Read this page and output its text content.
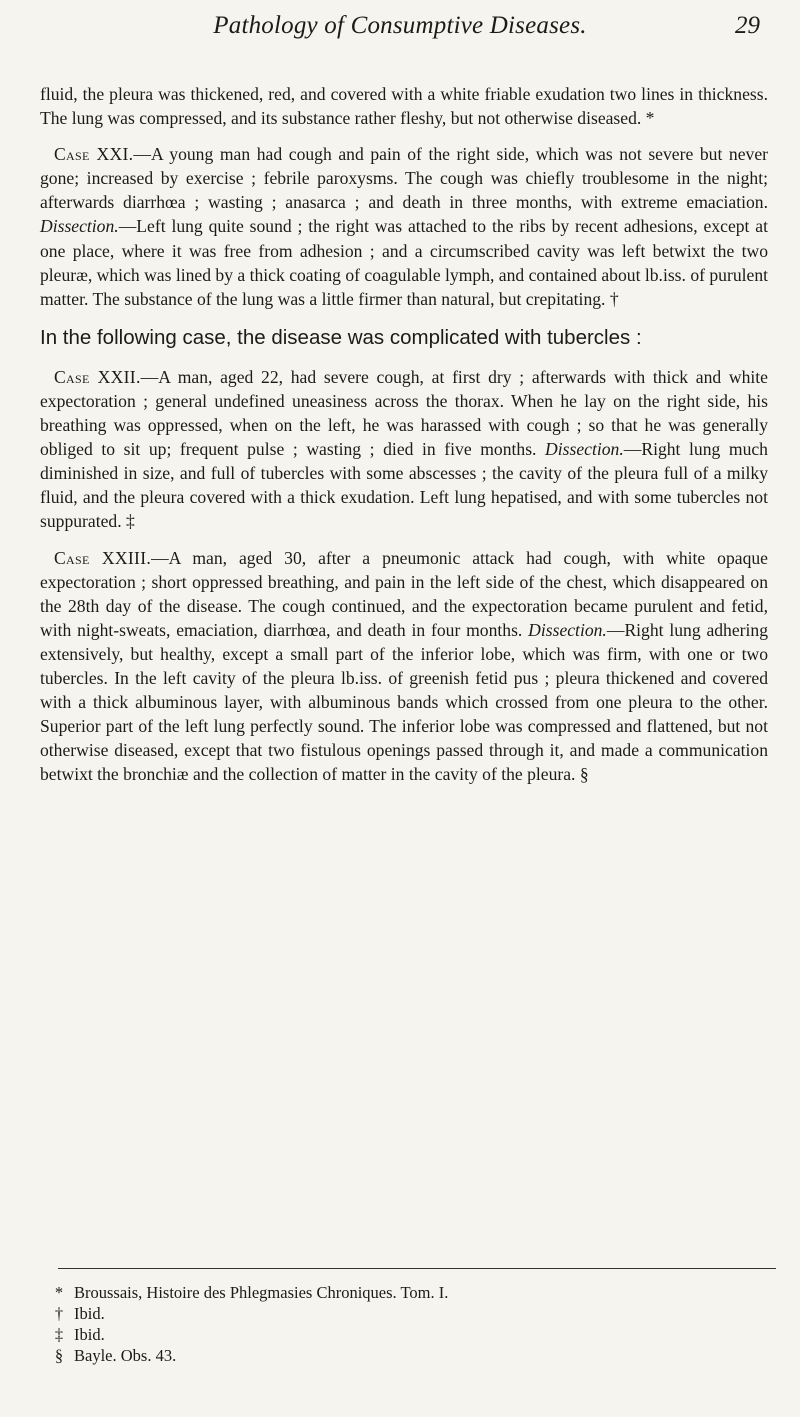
Pathology of Consumptive Diseases.	29

fluid, the pleura was thickened, red, and covered with a white friable exudation two lines in thickness. The lung was compressed, and its substance rather fleshy, but not otherwise diseased. *

Case XXI.—A young man had cough and pain of the right side, which was not severe but never gone; increased by exercise ; febrile paroxysms. The cough was chiefly troublesome in the night; afterwards diarrhœa ; wasting ; anasarca ; and death in three months, with extreme emaciation. Dissection.—Left lung quite sound ; the right was attached to the ribs by recent adhesions, except at one place, where it was free from adhesion ; and a circumscribed cavity was left betwixt the two pleuræ, which was lined by a thick coating of coagulable lymph, and contained about lb.iss. of purulent matter. The substance of the lung was a little firmer than natural, but crepitating. †

In the following case, the disease was complicated with tubercles :

Case XXII.—A man, aged 22, had severe cough, at first dry ; afterwards with thick and white expectoration ; general undefined uneasiness across the thorax. When he lay on the right side, his breathing was oppressed, when on the left, he was harassed with cough ; so that he was generally obliged to sit up; frequent pulse ; wasting ; died in five months. Dissection.—Right lung much diminished in size, and full of tubercles with some abscesses ; the cavity of the pleura full of a milky fluid, and the pleura covered with a thick exudation. Left lung hepatised, and with some tubercles not suppurated. ‡

Case XXIII.—A man, aged 30, after a pneumonic attack had cough, with white opaque expectoration ; short oppressed breathing, and pain in the left side of the chest, which disappeared on the 28th day of the disease. The cough continued, and the expectoration became purulent and fetid, with night-sweats, emaciation, diarrhœa, and death in four months. Dissection.—Right lung adhering extensively, but healthy, except a small part of the inferior lobe, which was firm, with one or two tubercles. In the left cavity of the pleura lb.iss. of greenish fetid pus ; pleura thickened and covered with a thick albuminous layer, with albuminous bands which crossed from one pleura to the other. Superior part of the left lung perfectly sound. The inferior lobe was compressed and flattened, but not otherwise diseased, except that two fistulous openings passed through it, and made a communication betwixt the bronchiæ and the collection of matter in the cavity of the pleura. §

* Broussais, Histoire des Phlegmasies Chroniques. Tom. I.
† Ibid.
‡ Ibid.
§ Bayle. Obs. 43.
